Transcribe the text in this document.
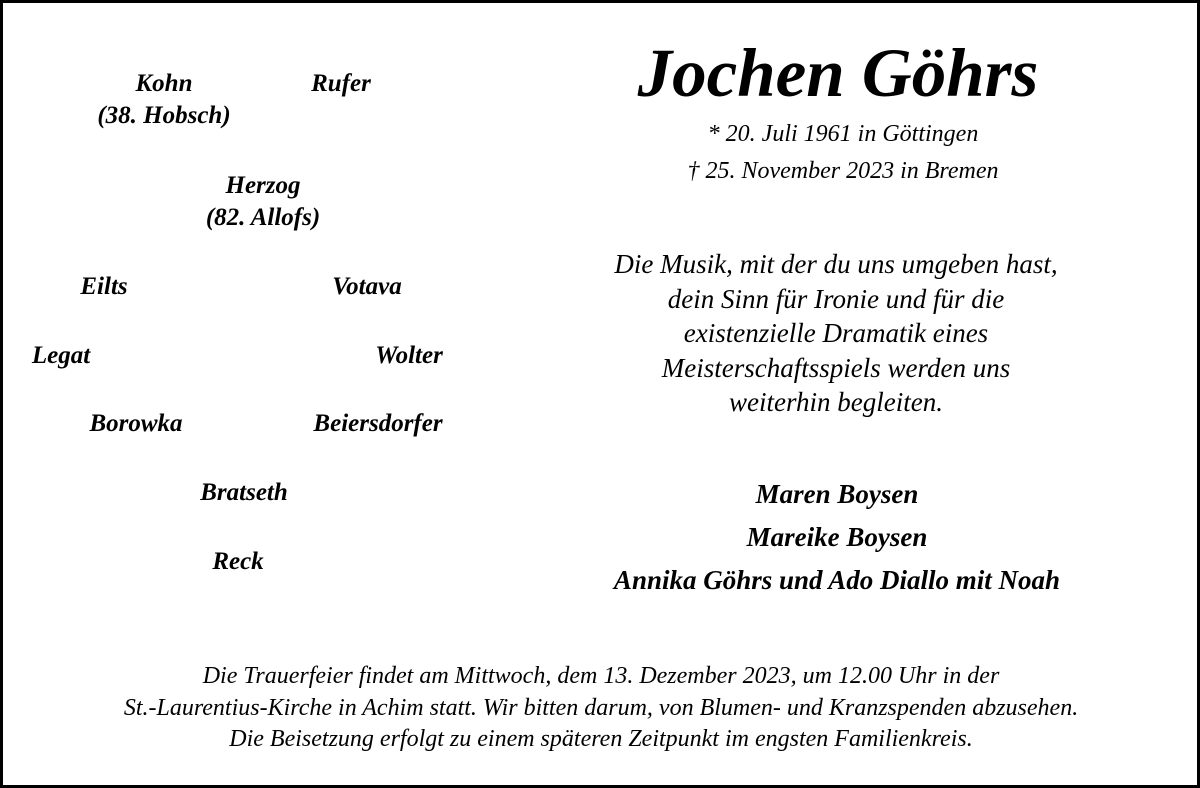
Kohn
(38. Hobsch)
Rufer
Herzog
(82. Allofs)
Eilts	Votava
Legat	Wolter
Borowka	Beiersdorfer
Bratseth
Reck
Jochen Göhrs
* 20. Juli 1961 in Göttingen
† 25. November 2023 in Bremen
Die Musik, mit der du uns umgeben hast,
dein Sinn für Ironie und für die
existenzielle Dramatik eines
Meisterschaftsspiels werden uns
weiterhin begleiten.
Maren Boysen
Mareike Boysen
Annika Göhrs und Ado Diallo mit Noah
Die Trauerfeier findet am Mittwoch, dem 13. Dezember 2023, um 12.00 Uhr in der
St.-Laurentius-Kirche in Achim statt. Wir bitten darum, von Blumen- und Kranzspenden abzusehen.
Die Beisetzung erfolgt zu einem späteren Zeitpunkt im engsten Familienkreis.
